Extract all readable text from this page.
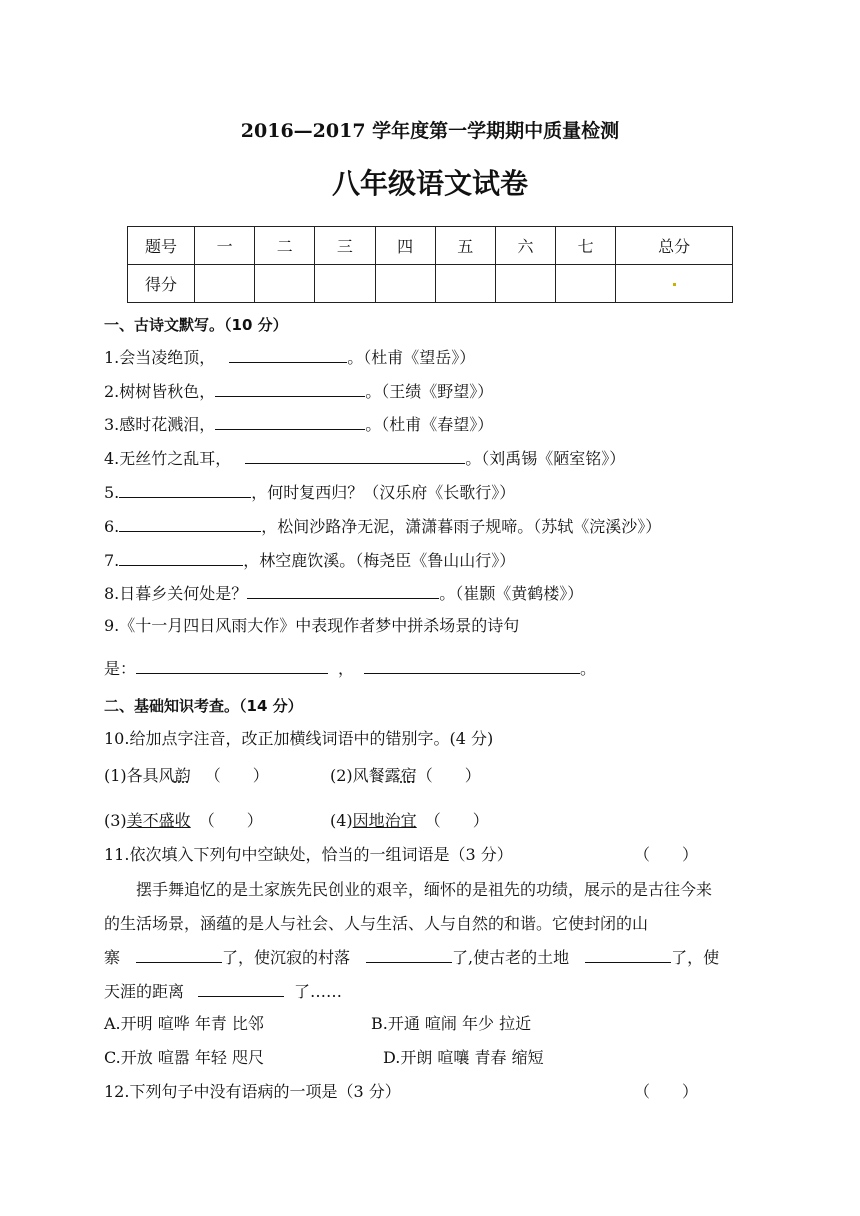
2016—2017 学年度第一学期期中质量检测
八年级语文试卷
题号	一	二	三	四	五	六	七	总分
得分								
一、古诗文默写。（10 分）
1.会当凌绝顶，	。（杜甫《望岳》）
2.树树皆秋色，	。（王绩《野望》）
3.感时花溅泪，	。（杜甫《春望》）
4.无丝竹之乱耳，	。（刘禹锡《陋室铭》）
5.	，何时复西归？（汉乐府《长歌行》）
6.	，松间沙路净无泥，潇潇暮雨子规啼。（苏轼《浣溪沙》）
7.	，林空鹿饮溪。（梅尧臣《鲁山山行》）
8.日暮乡关何处是？	。（崔颢《黄鹤楼》）
9.《十一月四日风雨大作》中表现作者梦中拼杀场景的诗句
是：	，	。
二、基础知识考查。（14 分）
10.给加点字注音，改正加横线词语中的错别字。(4 分)
(1)各具风韵 （　　）	(2)风餐露宿（　　）
(3)美不盛收 （　　）	(4)因地治宜 （　　）
11.依次填入下列句中空缺处，恰当的一组词语是（3 分）	（　　）
摆手舞追忆的是土家族先民创业的艰辛，缅怀的是祖先的功绩，展示的是古往今来
的生活场景，涵蕴的是人与社会、人与生活、人与自然的和谐。它使封闭的山
寨	了，使沉寂的村落	了,使古老的土地	了，使
天涯的距离	了……
A.开明 喧哗 年青 比邻	B.开通 喧闹 年少 拉近
C.开放 喧嚣 年轻 咫尺	D.开朗 喧嚷 青春 缩短
12.下列句子中没有语病的一项是（3 分）	（　　）
